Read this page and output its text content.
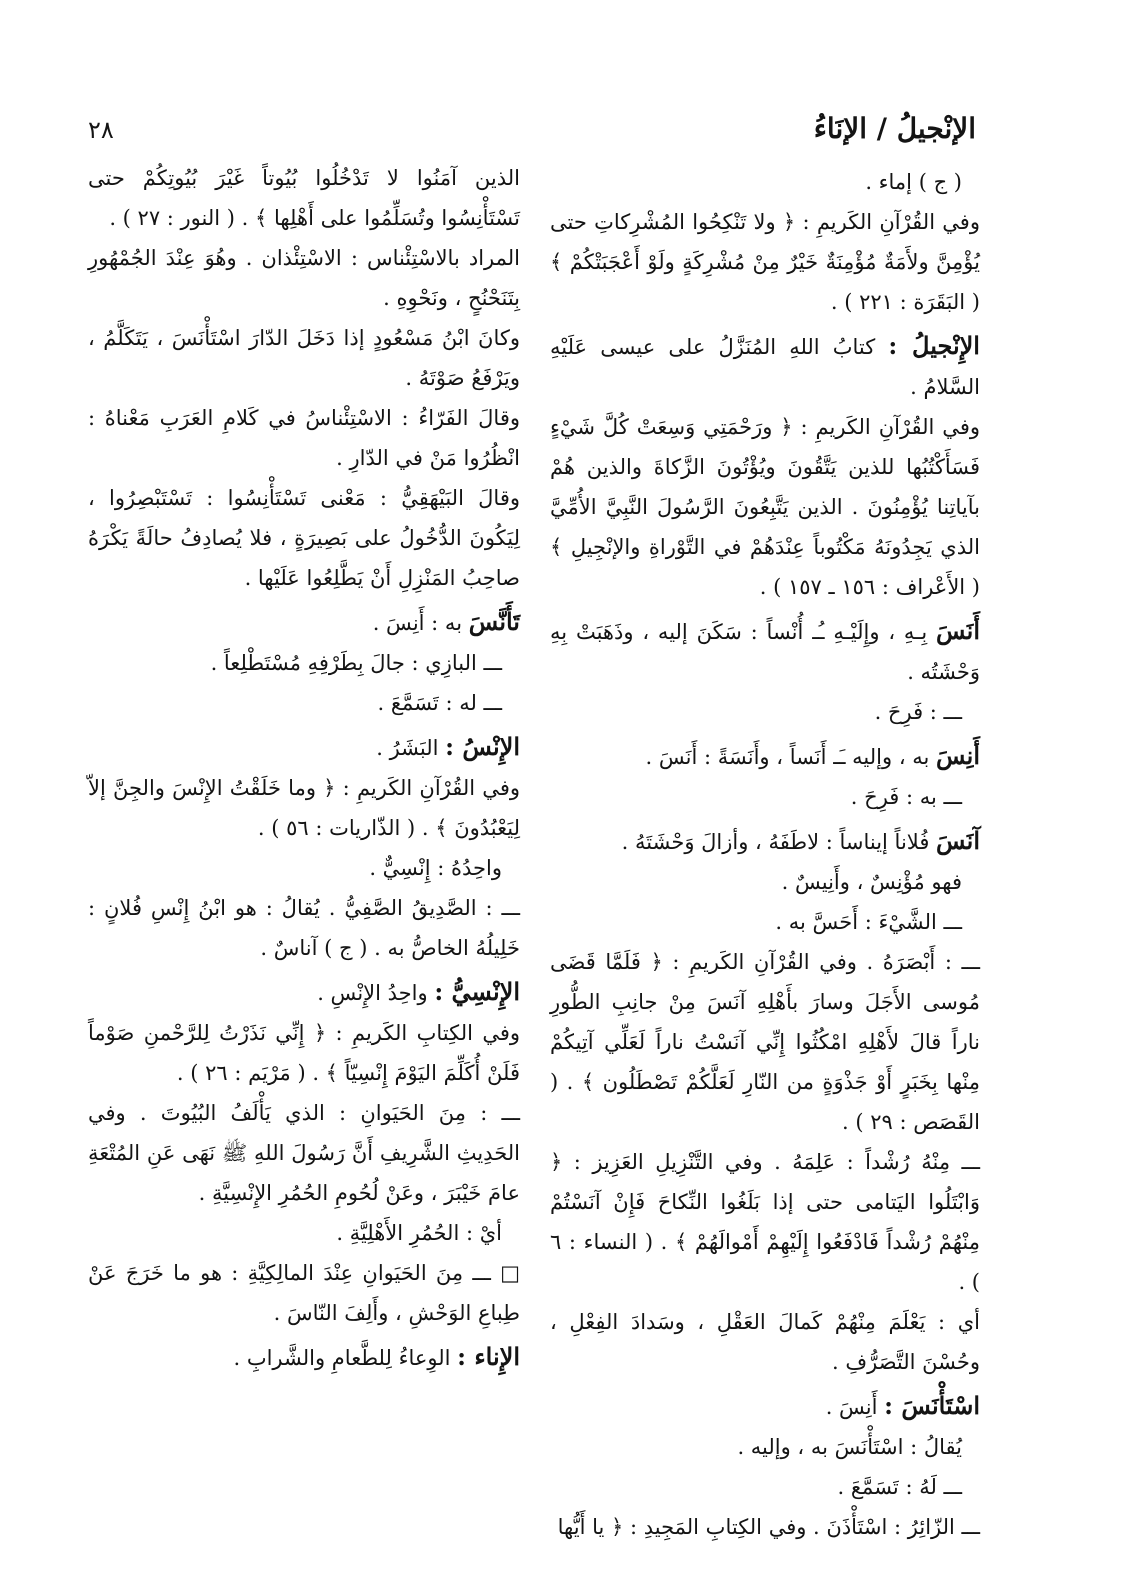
٢٨	الإنْجيلُ / الإنَاءُ

( ج ) إماء .

وفي القُرْآنِ الكَريمِ : ﴿ ولا تَنْكِحُوا المُشْرِكاتِ حتى يُؤْمِنَّ ولأَمَةٌ مُؤْمِنَةٌ خَيْرٌ مِنْ مُشْرِكَةٍ ولَوْ أَعْجَبَتْكُمْ ﴾ ( البَقَرَة : ٢٢١ ) .

الإِنْجيلُ : كتابُ اللهِ المُنَزَّلُ على عيسى عَلَيْهِ السَّلامُ .

وفي القُرْآنِ الكَريمِ : ﴿ ورَحْمَتِي وَسِعَتْ كُلَّ شَيْءٍ فَسَأَكْتُبُها للذين يَتَّقُونَ ويُؤْتُونَ الزَّكاةَ والذين هُمْ بآياتِنا يُؤْمِنُونَ . الذين يَتَّبِعُونَ الرَّسُولَ النَّبِيَّ الأُمِّيَّ الذي يَجِدُونَهُ مَكْتُوباً عِنْدَهُمْ في التَّوْراةِ والإنْجِيلِ ﴾ ( الأَعْراف : ١٥٦ ـ ١٥٧ ) .

أَنَسَ بِـهِ ، وإِلَيْـهِ ـُـ أُنْساً : سَكَنَ إليه ، وذَهَبَتْ بِهِ وَحْشَتُه .

ـــ : فَرِحَ .

أَنِسَ به ، وإليه ـَـ أَنَساً ، وأَنَسَةً : أَنَسَ .

ـــ به : فَرِحَ .

آنَسَ فُلاناً إيناساً : لاطَفَهُ ، وأزالَ وَحْشَتَهُ .

فهو مُؤْنِسٌ ، وأَنِيسٌ .

ـــ الشَّيْءَ : أَحَسَّ به .

ـــ : أَبْصَرَهُ . وفي القُرْآنِ الكَريمِ : ﴿ فَلَمَّا قَضَى مُوسى الأَجَلَ وسارَ بأَهْلِهِ آنَسَ مِنْ جانِبِ الطُّورِ ناراً قالَ لأَهْلِهِ امْكُثُوا إِنِّي آنَسْتُ ناراً لَعَلِّي آتِيكُمْ مِنْها بِخَبَرٍ أَوْ جَذْوَةٍ من النّارِ لَعَلَّكُمْ تَصْطَلُون ﴾ . ( القَصَص : ٢٩ ) .

ـــ مِنْهُ رُشْداً : عَلِمَهُ . وفي التَّنْزِيلِ العَزِيز : ﴿ وَابْتَلُوا اليَتامى حتى إذا بَلَغُوا النِّكاحَ فَإِنْ آنَسْتُمْ مِنْهُمْ رُشْداً فَادْفَعُوا إِلَيْهِمْ أَمْوالَهُمْ ﴾ . ( النساء : ٦ ) .

أي : يَعْلَمَ مِنْهُمْ كَمالَ العَقْلِ ، وسَدادَ الفِعْلِ ، وحُسْنَ التَّصَرُّفِ .

اسْتَأْنَسَ : أَنِسَ .

يُقالُ : اسْتَأْنَسَ به ، وإليه .

ـــ لَهُ : تَسَمَّعَ .

ـــ الزّائِرُ : اسْتَأْذَنَ . وفي الكِتابِ المَجِيدِ : ﴿ يا أَيُّها

الذين آمَنُوا لا تَدْخُلُوا بُيُوتاً غَيْرَ بُيُوتِكُمْ حتى تَسْتَأْنِسُوا وتُسَلِّمُوا على أَهْلِها ﴾ . ( النور : ٢٧ ) .

المراد بالاسْتِئْناس : الاسْتِئْذان . وهُوَ عِنْدَ الجُمْهُورِ بِتَنَحْنُحٍ ، ونَحْوِهِ .

وكانَ ابْنُ مَسْعُودٍ إذا دَخَلَ الدّارَ اسْتَأْنَسَ ، يَتَكَلَّمُ ، ويَرْفَعُ صَوْتَهُ .

وقالَ الفَرّاءُ : الاسْتِئْناسُ في كَلامِ العَرَبِ مَعْناهُ : انْظُرُوا مَنْ في الدّارِ .

وقالَ البَيْهَقِيُّ : مَعْنى تَسْتَأْنِسُوا : تَسْتَبْصِرُوا ، لِيَكُونَ الدُّخُولُ على بَصِيرَةٍ ، فلا يُصادِفُ حالَةً يَكْرَهُ صاحِبُ المَنْزِلِ أَنْ يَطَّلِعُوا عَلَيْها .

تَأَنَّسَ به : أَنِسَ .

ـــ البازِي : جالَ بِطَرْفِهِ مُسْتَطْلِعاً .

ـــ له : تَسَمَّعَ .

الإِنْسُ : البَشَرُ .

وفي القُرْآنِ الكَريمِ : ﴿ وما خَلَقْتُ الإِنْسَ والجِنَّ إلاّ لِيَعْبُدُونَ ﴾ . ( الذّاريات : ٥٦ ) .

واحِدُهُ : إِنْسِيٌّ .

ـــ : الصَّدِيقُ الصَّفِيُّ . يُقالُ : هو ابْنُ إِنْسِ فُلانٍ : خَلِيلُهُ الخاصُّ به . ( ج ) آناسٌ .

الإِنْسِيُّ : واحِدُ الإِنْسِ .

وفي الكِتابِ الكَريمِ : ﴿ إِنِّي نَذَرْتُ لِلرَّحْمنِ صَوْماً فَلَنْ أُكَلِّمَ اليَوْمَ إِنْسِيّاً ﴾ . ( مَرْيَم : ٢٦ ) .

ـــ : مِنَ الحَيَوانِ : الذي يَأْلَفُ البُيُوتَ . وفي الحَدِيثِ الشَّرِيفِ أَنَّ رَسُولَ اللهِ ﷺ نَهَى عَنِ المُتْعَةِ عامَ خَيْبَرَ ، وعَنْ لُحُومِ الحُمُرِ الإِنْسِيَّةِ .

أيْ : الحُمُرِ الأَهْلِيَّةِ .

□ ـــ مِنَ الحَيَوانِ عِنْدَ المالِكِيَّةِ : هو ما خَرَجَ عَنْ طِباعِ الوَحْشِ ، وأَلِفَ النّاسَ .

الإِناء : الوِعاءُ لِلطَّعامِ والشَّرابِ .
